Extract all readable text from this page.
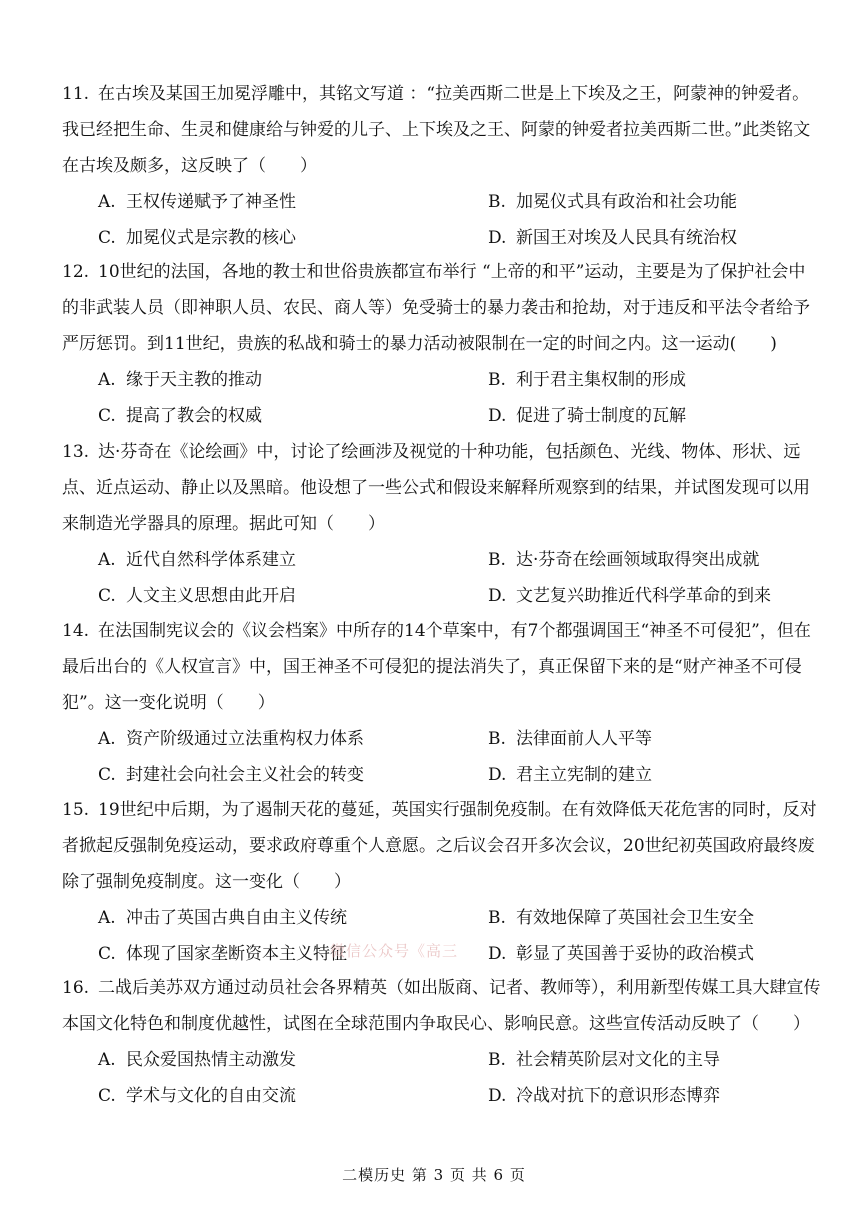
11. 在古埃及某国王加冕浮雕中，其铭文写道 ：“拉美西斯二世是上下埃及之王，阿蒙神的钟爱者。我已经把生命、生灵和健康给与钟爱的儿子、上下埃及之王、阿蒙的钟爱者拉美西斯二世。”此类铭文在古埃及颇多，这反映了（　　）
A. 王权传递赋予了神圣性	B. 加冕仪式具有政治和社会功能
C. 加冕仪式是宗教的核心	D. 新国王对埃及人民具有统治权
12. 10世纪的法国，各地的教士和世俗贵族都宣布举行 “上帝的和平”运动，主要是为了保护社会中的非武装人员（即神职人员、农民、商人等）免受骑士的暴力袭击和抢劫，对于违反和平法令者给予严厉惩罚。到11世纪，贵族的私战和骑士的暴力活动被限制在一定的时间之内。这一运动(　　)
A. 缘于天主教的推动	B. 利于君主集权制的形成
C. 提高了教会的权威	D. 促进了骑士制度的瓦解
13. 达·芬奇在《论绘画》中，讨论了绘画涉及视觉的十种功能，包括颜色、光线、物体、形状、远点、近点运动、静止以及黑暗。他设想了一些公式和假设来解释所观察到的结果，并试图发现可以用来制造光学器具的原理。据此可知（　　）
A. 近代自然科学体系建立	B. 达·芬奇在绘画领域取得突出成就
C. 人文主义思想由此开启	D. 文艺复兴助推近代科学革命的到来
14. 在法国制宪议会的《议会档案》中所存的14个草案中，有7个都强调国王“神圣不可侵犯”，但在最后出台的《人权宣言》中，国王神圣不可侵犯的提法消失了，真正保留下来的是“财产神圣不可侵犯”。这一变化说明（　　）
A. 资产阶级通过立法重构权力体系	B. 法律面前人人平等
C. 封建社会向社会主义社会的转变	D. 君主立宪制的建立
15. 19世纪中后期，为了遏制天花的蔓延，英国实行强制免疫制。在有效降低天花危害的同时，反对者掀起反强制免疫运动，要求政府尊重个人意愿。之后议会召开多次会议，20世纪初英国政府最终废除了强制免疫制度。这一变化（　　）
A. 冲击了英国古典自由主义传统	B. 有效地保障了英国社会卫生安全
C. 体现了国家垄断资本主义特征	D. 彰显了英国善于妥协的政治模式
16. 二战后美苏双方通过动员社会各界精英（如出版商、记者、教师等），利用新型传媒工具大肆宣传本国文化特色和制度优越性，试图在全球范围内争取民心、影响民意。这些宣传活动反映了（　　）
A. 民众爱国热情主动激发	B. 社会精英阶层对文化的主导
C. 学术与文化的自由交流	D. 冷战对抗下的意识形态博弈
微信公众号《高三
二模历史 第 3 页 共 6 页
